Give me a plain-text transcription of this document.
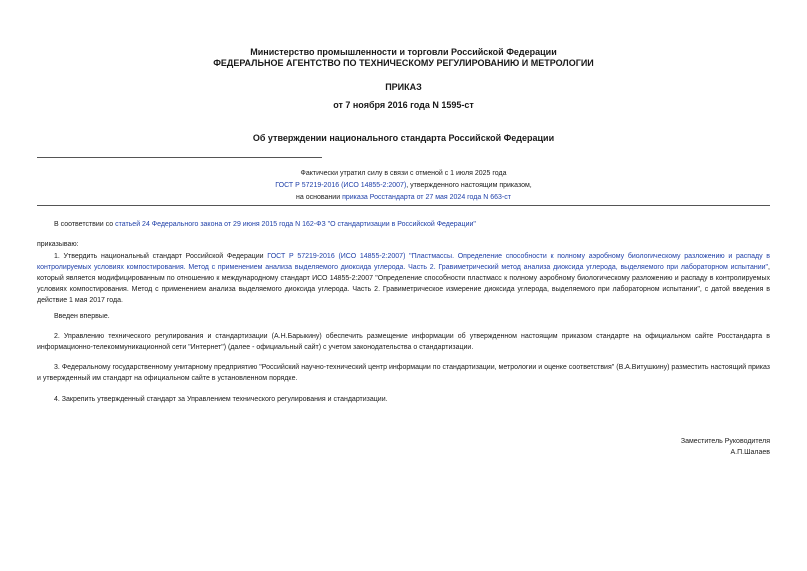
Министерство промышленности и торговли Российской Федерации
ФЕДЕРАЛЬНОЕ АГЕНТСТВО ПО ТЕХНИЧЕСКОМУ РЕГУЛИРОВАНИЮ И МЕТРОЛОГИИ
ПРИКАЗ
от 7 ноября 2016 года N 1595-ст
Об утверждении национального стандарта Российской Федерации
Фактически утратил силу в связи с отменой с 1 июля 2025 года
ГОСТ Р 57219-2016 (ИСО 14855-2:2007), утвержденного настоящим приказом,
на основании приказа Росстандарта от 27 мая 2024 года N 663-ст
В соответствии со статьей 24 Федерального закона от 29 июня 2015 года N 162-ФЗ "О стандартизации в Российской Федерации"
приказываю:
1. Утвердить национальный стандарт Российской Федерации ГОСТ Р 57219-2016 (ИСО 14855-2:2007) "Пластмассы. Определение способности к полному аэробному биологическому разложению и распаду в контролируемых условиях компостирования. Метод с применением анализа выделяемого диоксида углерода. Часть 2. Гравиметрический метод анализа диоксида углерода, выделяемого при лабораторном испытании", который является модифицированным по отношению к международному стандарт ИСО 14855-2:2007 "Определение способности пластмасс к полному аэробному биологическому разложению и распаду в контролируемых условиях компостирования. Метод с применением анализа выделяемого диоксида углерода. Часть 2. Гравиметрическое измерение диоксида углерода, выделяемого при лабораторном испытании", с датой введения в действие 1 мая 2017 года.
Введен впервые.
2. Управлению технического регулирования и стандартизации (А.Н.Барыкину) обеспечить размещение информации об утвержденном настоящим приказом стандарте на официальном сайте Росстандарта в информационно-телекоммуникационной сети "Интернет") (далее - официальный сайт) с учетом законодательства о стандартизации.
3. Федеральному государственному унитарному предприятию "Российский научно-технический центр информации по стандартизации, метрологии и оценке соответствия" (В.А.Витушкину) разместить настоящий приказ и утвержденный им стандарт на официальном сайте в установленном порядке.
4. Закрепить утвержденный стандарт за Управлением технического регулирования и стандартизации.
Заместитель Руководителя
А.П.Шалаев
